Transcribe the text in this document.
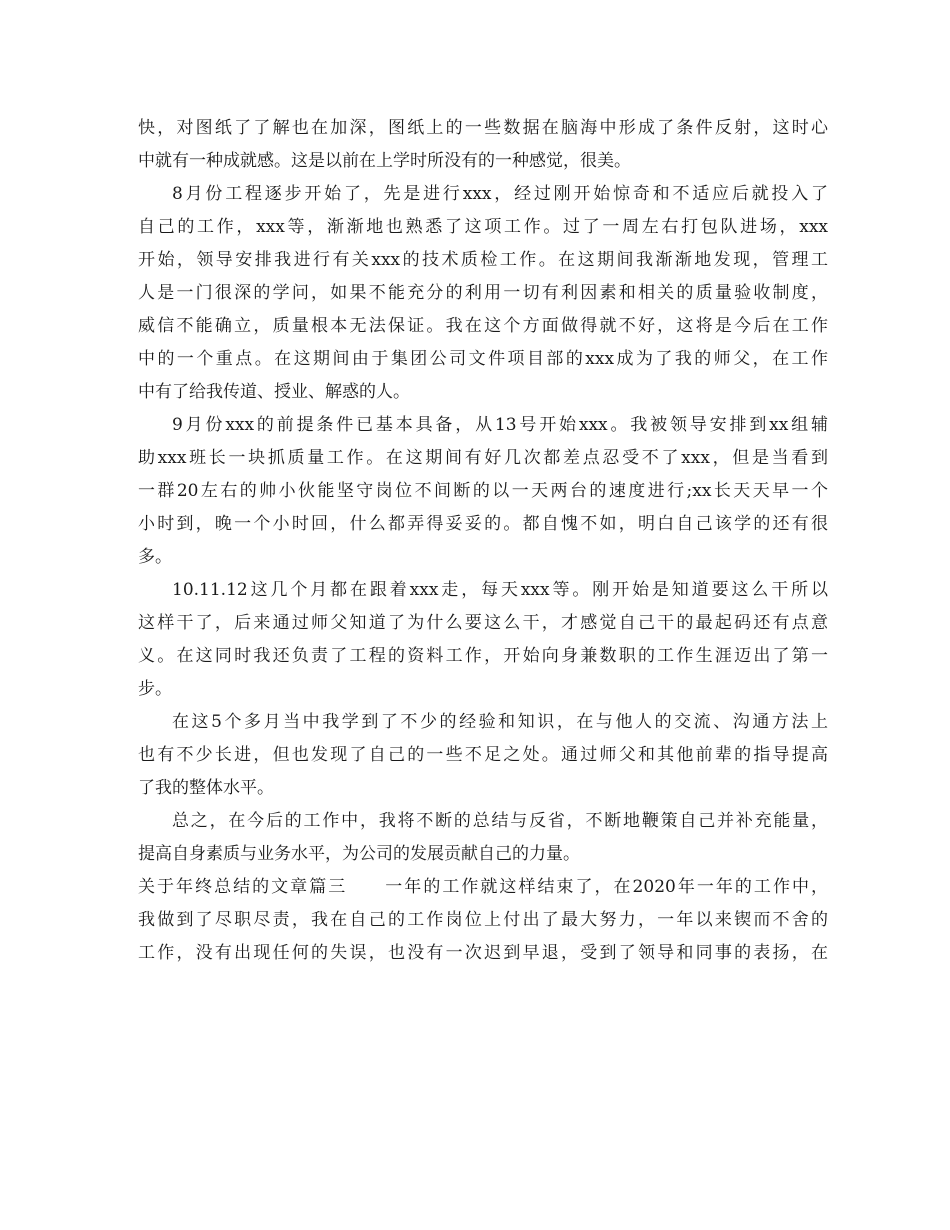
快，对图纸了了解也在加深，图纸上的一些数据在脑海中形成了条件反射，这时心
中就有一种成就感。这是以前在上学时所没有的一种感觉，很美。
8月份工程逐步开始了，先是进行xxx，经过刚开始惊奇和不适应后就投入了
自己的工作，xxx等，渐渐地也熟悉了这项工作。过了一周左右打包队进场，xxx
开始，领导安排我进行有关xxx的技术质检工作。在这期间我渐渐地发现，管理工
人是一门很深的学问，如果不能充分的利用一切有利因素和相关的质量验收制度，
威信不能确立，质量根本无法保证。我在这个方面做得就不好，这将是今后在工作
中的一个重点。在这期间由于集团公司文件项目部的xxx成为了我的师父，在工作
中有了给我传道、授业、解惑的人。
9月份xxx的前提条件已基本具备，从13号开始xxx。我被领导安排到xx组辅
助xxx班长一块抓质量工作。在这期间有好几次都差点忍受不了xxx，但是当看到
一群20左右的帅小伙能坚守岗位不间断的以一天两台的速度进行;xx长天天早一个
小时到，晚一个小时回，什么都弄得妥妥的。都自愧不如，明白自己该学的还有很
多。
10.11.12这几个月都在跟着xxx走，每天xxx等。刚开始是知道要这么干所以
这样干了，后来通过师父知道了为什么要这么干，才感觉自己干的最起码还有点意
义。在这同时我还负责了工程的资料工作，开始向身兼数职的工作生涯迈出了第一
步。
在这5个多月当中我学到了不少的经验和知识，在与他人的交流、沟通方法上
也有不少长进，但也发现了自己的一些不足之处。通过师父和其他前辈的指导提高
了我的整体水平。
总之，在今后的工作中，我将不断的总结与反省，不断地鞭策自己并补充能量，
提高自身素质与业务水平，为公司的发展贡献自己的力量。
关于年终总结的文章篇三　　一年的工作就这样结束了，在2020年一年的工作中，
我做到了尽职尽责，我在自己的工作岗位上付出了最大努力，一年以来锲而不舍的
工作，没有出现任何的失误，也没有一次迟到早退，受到了领导和同事的表扬，在
